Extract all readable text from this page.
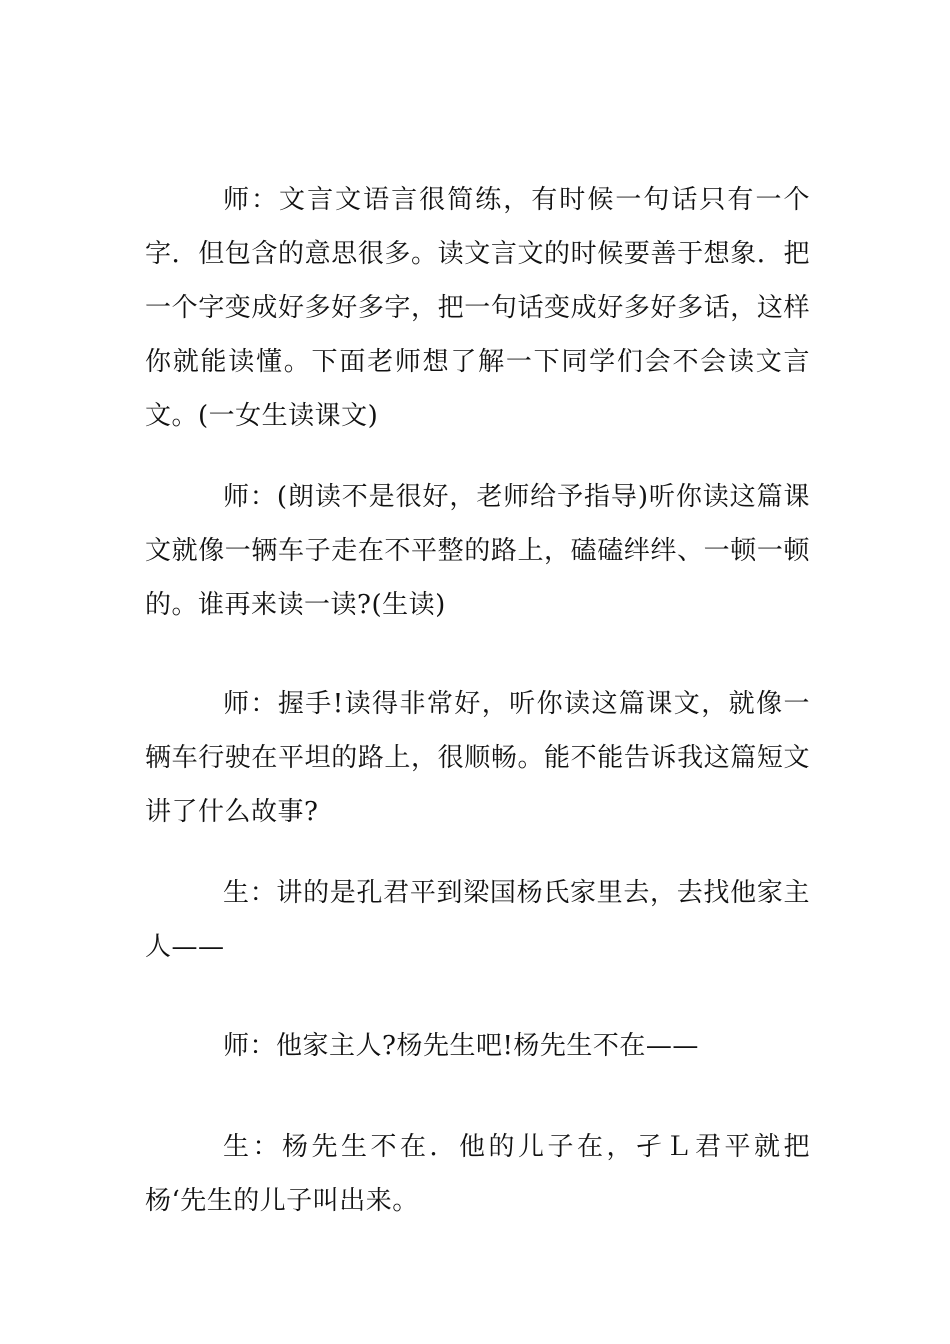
师：文言文语言很简练，有时候一句话只有一个字．但包含的意思很多。读文言文的时候要善于想象．把一个字变成好多好多字，把一句话变成好多好多话，这样你就能读懂。下面老师想了解一下同学们会不会读文言文。(一女生读课文)

师：(朗读不是很好，老师给予指导)听你读这篇课文就像一辆车子走在不平整的路上，磕磕绊绊、一顿一顿的。谁再来读一读?(生读)

师：握手!读得非常好，听你读这篇课文，就像一辆车行驶在平坦的路上，很顺畅。能不能告诉我这篇短文讲了什么故事?

生：讲的是孔君平到梁国杨氏家里去，去找他家主人——

师：他家主人?杨先生吧!杨先生不在——

生：杨先生不在．他的儿子在，孑Ｌ君平就把杨‘先生的儿子叫出来。
